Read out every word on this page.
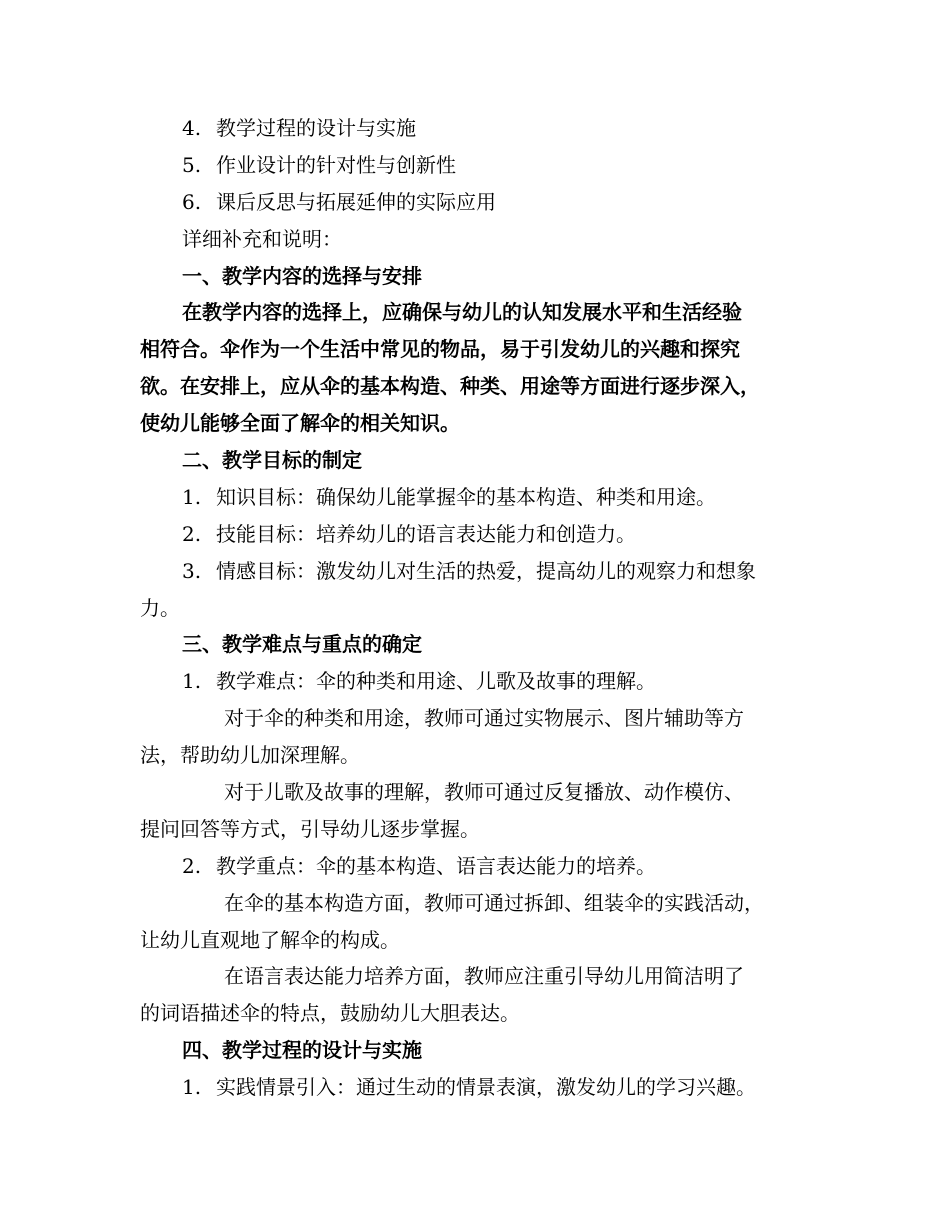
4. 教学过程的设计与实施
5. 作业设计的针对性与创新性
6. 课后反思与拓展延伸的实际应用
详细补充和说明：
一、教学内容的选择与安排
在教学内容的选择上，应确保与幼儿的认知发展水平和生活经验
相符合。伞作为一个生活中常见的物品，易于引发幼儿的兴趣和探究
欲。在安排上，应从伞的基本构造、种类、用途等方面进行逐步深入，
使幼儿能够全面了解伞的相关知识。
二、教学目标的制定
1. 知识目标：确保幼儿能掌握伞的基本构造、种类和用途。
2. 技能目标：培养幼儿的语言表达能力和创造力。
3. 情感目标：激发幼儿对生活的热爱，提高幼儿的观察力和想象
力。
三、教学难点与重点的确定
1. 教学难点：伞的种类和用途、儿歌及故事的理解。
对于伞的种类和用途，教师可通过实物展示、图片辅助等方
法，帮助幼儿加深理解。
对于儿歌及故事的理解，教师可通过反复播放、动作模仿、
提问回答等方式，引导幼儿逐步掌握。
2. 教学重点：伞的基本构造、语言表达能力的培养。
在伞的基本构造方面，教师可通过拆卸、组装伞的实践活动，
让幼儿直观地了解伞的构成。
在语言表达能力培养方面，教师应注重引导幼儿用简洁明了
的词语描述伞的特点，鼓励幼儿大胆表达。
四、教学过程的设计与实施
1. 实践情景引入：通过生动的情景表演，激发幼儿的学习兴趣。
